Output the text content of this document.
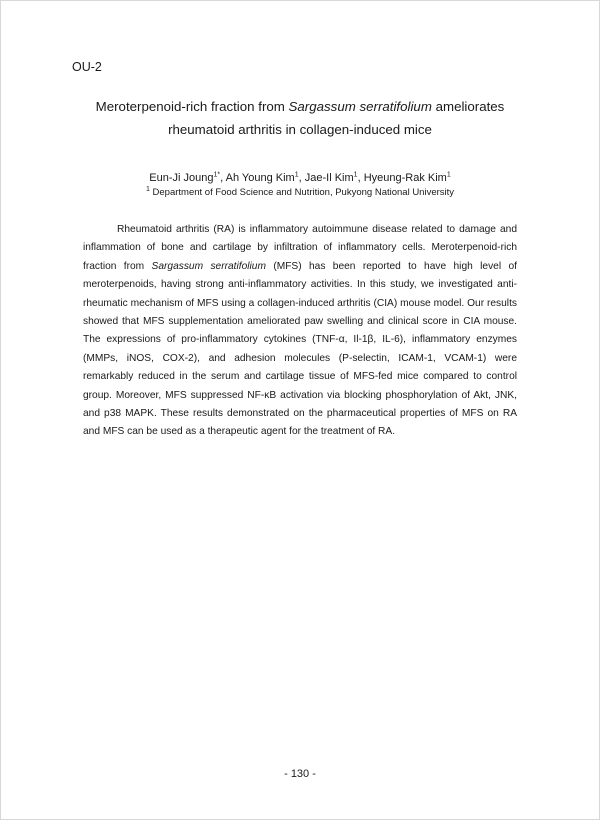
OU-2
Meroterpenoid-rich fraction from Sargassum serratifolium ameliorates rheumatoid arthritis in collagen-induced mice
Eun-Ji Joung$^{1*}$, Ah Young Kim$^1$, Jae-Il Kim$^1$, Hyeung-Rak Kim$^1$
$^1$ Department of Food Science and Nutrition, Pukyong National University

Rheumatoid arthritis (RA) is inflammatory autoimmune disease related to damage and inflammation of bone and cartilage by infiltration of inflammatory cells. Meroterpenoid-rich fraction from Sargassum serratifolium (MFS) has been reported to have high level of meroterpenoids, having strong anti-inflammatory activities. In this study, we investigated anti-rheumatic mechanism of MFS using a collagen-induced arthritis (CIA) mouse model. Our results showed that MFS supplementation ameliorated paw swelling and clinical score in CIA mouse. The expressions of pro-inflammatory cytokines (TNF-α, Il-1β, IL-6), inflammatory enzymes (MMPs, iNOS, COX-2), and adhesion molecules (P-selectin, ICAM-1, VCAM-1) were remarkably reduced in the serum and cartilage tissue of MFS-fed mice compared to control group. Moreover, MFS suppressed NF-κB activation via blocking phosphorylation of Akt, JNK, and p38 MAPK. These results demonstrated on the pharmaceutical properties of MFS on RA and MFS can be used as a therapeutic agent for the treatment of RA.

- 130 -
